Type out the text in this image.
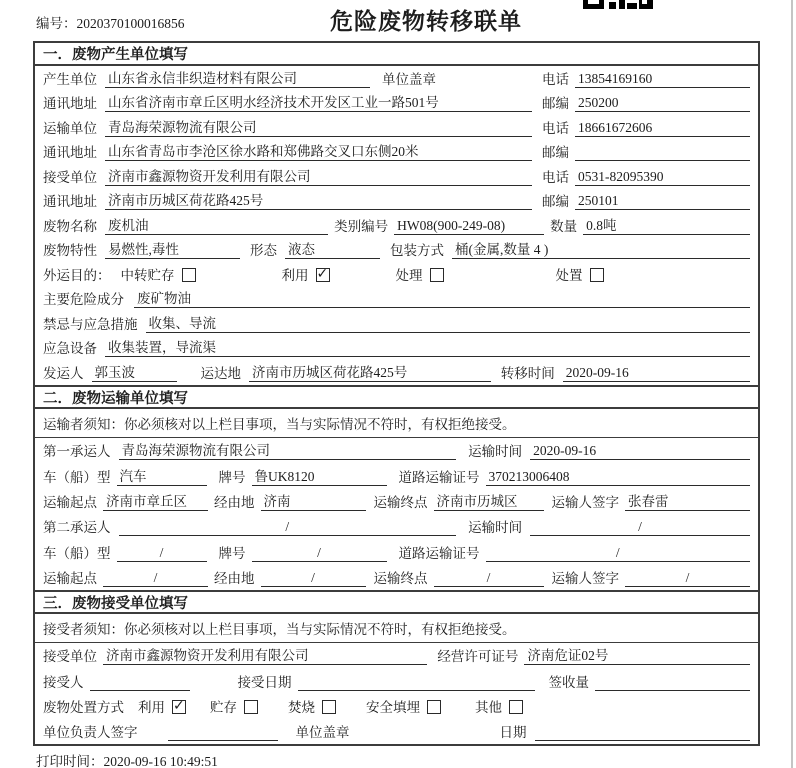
编号：2020370100016856	危险废物转移联单
一．废物产生单位填写
产生单位 山东省永信非织造材料有限公司	单位盖章	电话 13854169160
通讯地址 山东省济南市章丘区明水经济技术开发区工业一路501号	邮编 250200
运输单位 青岛海荣源物流有限公司	电话 18661672606
通讯地址 山东省青岛市李沧区徐水路和郑佛路交叉口东侧20米	邮编
接受单位 济南市鑫源物资开发利用有限公司	电话 0531-82095390
通讯地址 济南市历城区荷花路425号	邮编 250101
废物名称 废机油	类别编号 HW08(900-249-08)	数量 0.8吨
废物特性 易燃性,毒性	形态 液态	包装方式 桶(金属,数量 4 )
外运目的： 中转贮存	利用 ✓	处理	处置
主要危险成分 废矿物油
禁忌与应急措施 收集、导流
应急设备 收集装置，导流渠
发运人 郭玉波	运达地 济南市历城区荷花路425号	转移时间 2020-09-16
二．废物运输单位填写
运输者须知：你必须核对以上栏目事项，当与实际情况不符时，有权拒绝接受。
第一承运人 青岛海荣源物流有限公司	运输时间 2020-09-16
车（船）型 汽车	牌号 鲁UK8120	道路运输证号 370213006408
运输起点 济南市章丘区	经由地 济南	运输终点 济南市历城区	运输人签字 张春雷
第二承运人	/	运输时间	/
车（船）型	/	牌号	/	道路运输证号	/
运输起点	/	经由地	/	运输终点	/	运输人签字	/
三．废物接受单位填写
接受者须知：你必须核对以上栏目事项，当与实际情况不符时，有权拒绝接受。
接受单位 济南市鑫源物资开发利用有限公司	经营许可证号 济南危证02号
接受人	接受日期	签收量
废物处置方式 利用 ✓	贮存	焚烧	安全填埋	其他
单位负责人签字	单位盖章	日期
打印时间：2020-09-16 10:49:51
